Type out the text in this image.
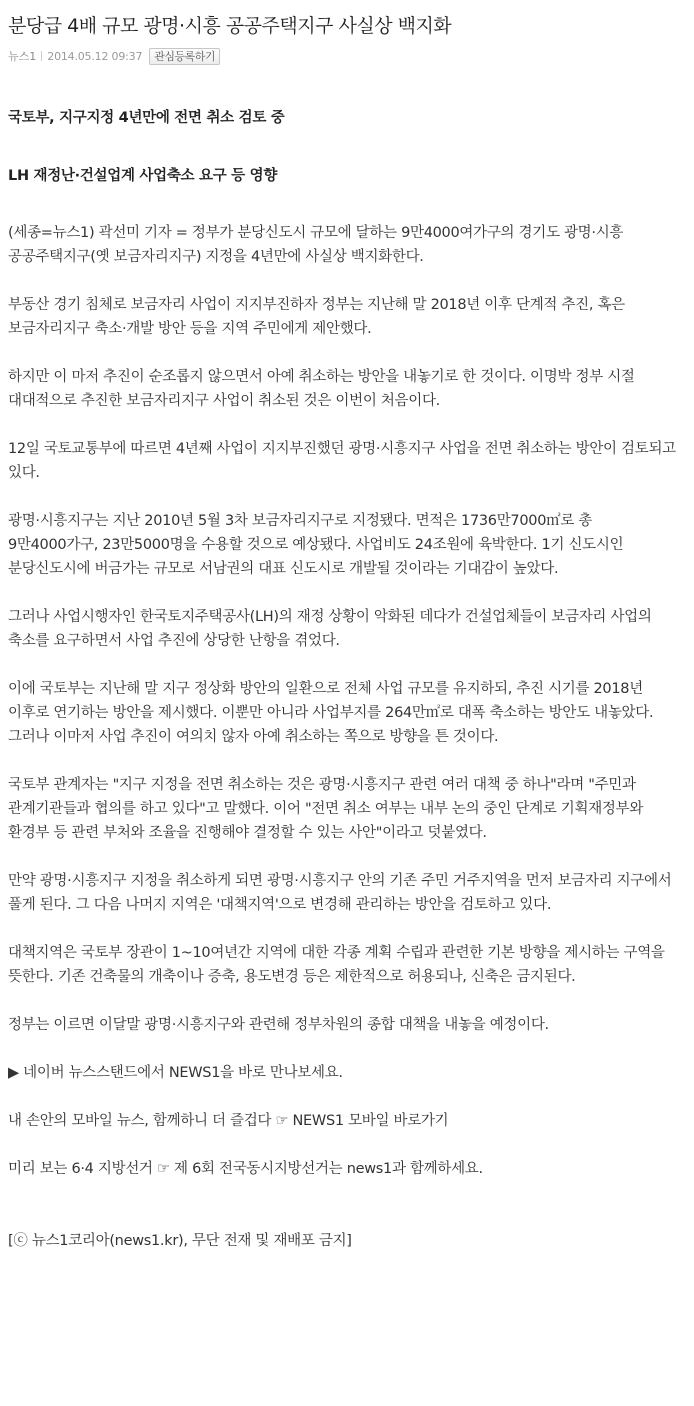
분당급 4배 규모 광명·시흥 공공주택지구 사실상 백지화
뉴스1 2014.05.12 09:37	관심등록하기

국토부, 지구지정 4년만에 전면 취소 검토 중

LH 재정난·건설업계 사업축소 요구 등 영향

(세종=뉴스1) 곽선미 기자 = 정부가 분당신도시 규모에 달하는 9만4000여가구의 경기도 광명·시흥 공공주택지구(옛 보금자리지구) 지정을 4년만에 사실상 백지화한다.

부동산 경기 침체로 보금자리 사업이 지지부진하자 정부는 지난해 말 2018년 이후 단계적 추진, 혹은 보금자리지구 축소·개발 방안 등을 지역 주민에게 제안했다.

하지만 이 마저 추진이 순조롭지 않으면서 아예 취소하는 방안을 내놓기로 한 것이다. 이명박 정부 시절 대대적으로 추진한 보금자리지구 사업이 취소된 것은 이번이 처음이다.

12일 국토교통부에 따르면 4년째 사업이 지지부진했던 광명·시흥지구 사업을 전면 취소하는 방안이 검토되고 있다.

광명·시흥지구는 지난 2010년 5월 3차 보금자리지구로 지정됐다. 면적은 1736만7000㎡로 총 9만4000가구, 23만5000명을 수용할 것으로 예상됐다. 사업비도 24조원에 육박한다. 1기 신도시인 분당신도시에 버금가는 규모로 서남권의 대표 신도시로 개발될 것이라는 기대감이 높았다.

그러나 사업시행자인 한국토지주택공사(LH)의 재정 상황이 악화된 데다가 건설업체들이 보금자리 사업의 축소를 요구하면서 사업 추진에 상당한 난항을 겪었다.

이에 국토부는 지난해 말 지구 정상화 방안의 일환으로 전체 사업 규모를 유지하되, 추진 시기를 2018년 이후로 연기하는 방안을 제시했다. 이뿐만 아니라 사업부지를 264만㎡로 대폭 축소하는 방안도 내놓았다. 그러나 이마저 사업 추진이 여의치 않자 아예 취소하는 쪽으로 방향을 튼 것이다.

국토부 관계자는 "지구 지정을 전면 취소하는 것은 광명·시흥지구 관련 여러 대책 중 하나"라며 "주민과 관계기관들과 협의를 하고 있다"고 말했다. 이어 "전면 취소 여부는 내부 논의 중인 단계로 기획재정부와 환경부 등 관련 부처와 조율을 진행해야 결정할 수 있는 사안"이라고 덧붙였다.

만약 광명·시흥지구 지정을 취소하게 되면 광명·시흥지구 안의 기존 주민 거주지역을 먼저 보금자리 지구에서 풀게 된다. 그 다음 나머지 지역은 '대책지역'으로 변경해 관리하는 방안을 검토하고 있다.

대책지역은 국토부 장관이 1~10여년간 지역에 대한 각종 계획 수립과 관련한 기본 방향을 제시하는 구역을 뜻한다. 기존 건축물의 개축이나 증축, 용도변경 등은 제한적으로 허용되나, 신축은 금지된다.

정부는 이르면 이달말 광명·시흥지구와 관련해 정부차원의 종합 대책을 내놓을 예정이다.

▶ 네이버 뉴스스탠드에서 NEWS1을 바로 만나보세요.

내 손안의 모바일 뉴스, 함께하니 더 즐겁다 ☞ NEWS1 모바일 바로가기

미리 보는 6·4 지방선거 ☞ 제 6회 전국동시지방선거는 news1과 함께하세요.

[ⓒ 뉴스1코리아(news1.kr), 무단 전재 및 재배포 금지]
